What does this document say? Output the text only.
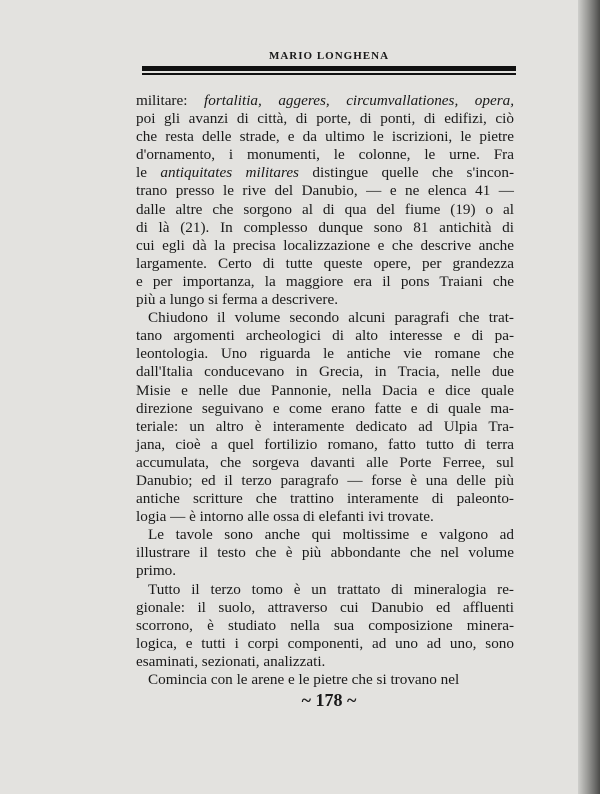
MARIO LONGHENA
militare: fortalitia, aggeres, circumvallationes, opera,
poi gli avanzi di città, di porte, di ponti, di edifizi, ciò
che resta delle strade, e da ultimo le iscrizioni, le pietre
d'ornamento, i monumenti, le colonne, le urne. Fra
le antiquitates militares distingue quelle che s'incon-
trano presso le rive del Danubio, — e ne elenca 41 —
dalle altre che sorgono al di qua del fiume (19) o al
di là (21). In complesso dunque sono 81 antichità di
cui egli dà la precisa localizzazione e che descrive anche
largamente. Certo di tutte queste opere, per grandezza
e per importanza, la maggiore era il pons Traiani che
più a lungo si ferma a descrivere.
Chiudono il volume secondo alcuni paragrafi che trat-
tano argomenti archeologici di alto interesse e di pa-
leontologia. Uno riguarda le antiche vie romane che
dall'Italia conducevano in Grecia, in Tracia, nelle due
Misie e nelle due Pannonie, nella Dacia e dice quale
direzione seguivano e come erano fatte e di quale ma-
teriale: un altro è interamente dedicato ad Ulpia Tra-
jana, cioè a quel fortilizio romano, fatto tutto di terra
accumulata, che sorgeva davanti alle Porte Ferree, sul
Danubio; ed il terzo paragrafo — forse è una delle più
antiche scritture che trattino interamente di paleonto-
logia — è intorno alle ossa di elefanti ivi trovate.
Le tavole sono anche qui moltissime e valgono ad
illustrare il testo che è più abbondante che nel volume
primo.
Tutto il terzo tomo è un trattato di mineralogia re-
gionale: il suolo, attraverso cui Danubio ed affluenti
scorrono, è studiato nella sua composizione minera-
logica, e tutti i corpi componenti, ad uno ad uno, sono
esaminati, sezionati, analizzati.
Comincia con le arene e le pietre che si trovano nel
~ 178 ~
